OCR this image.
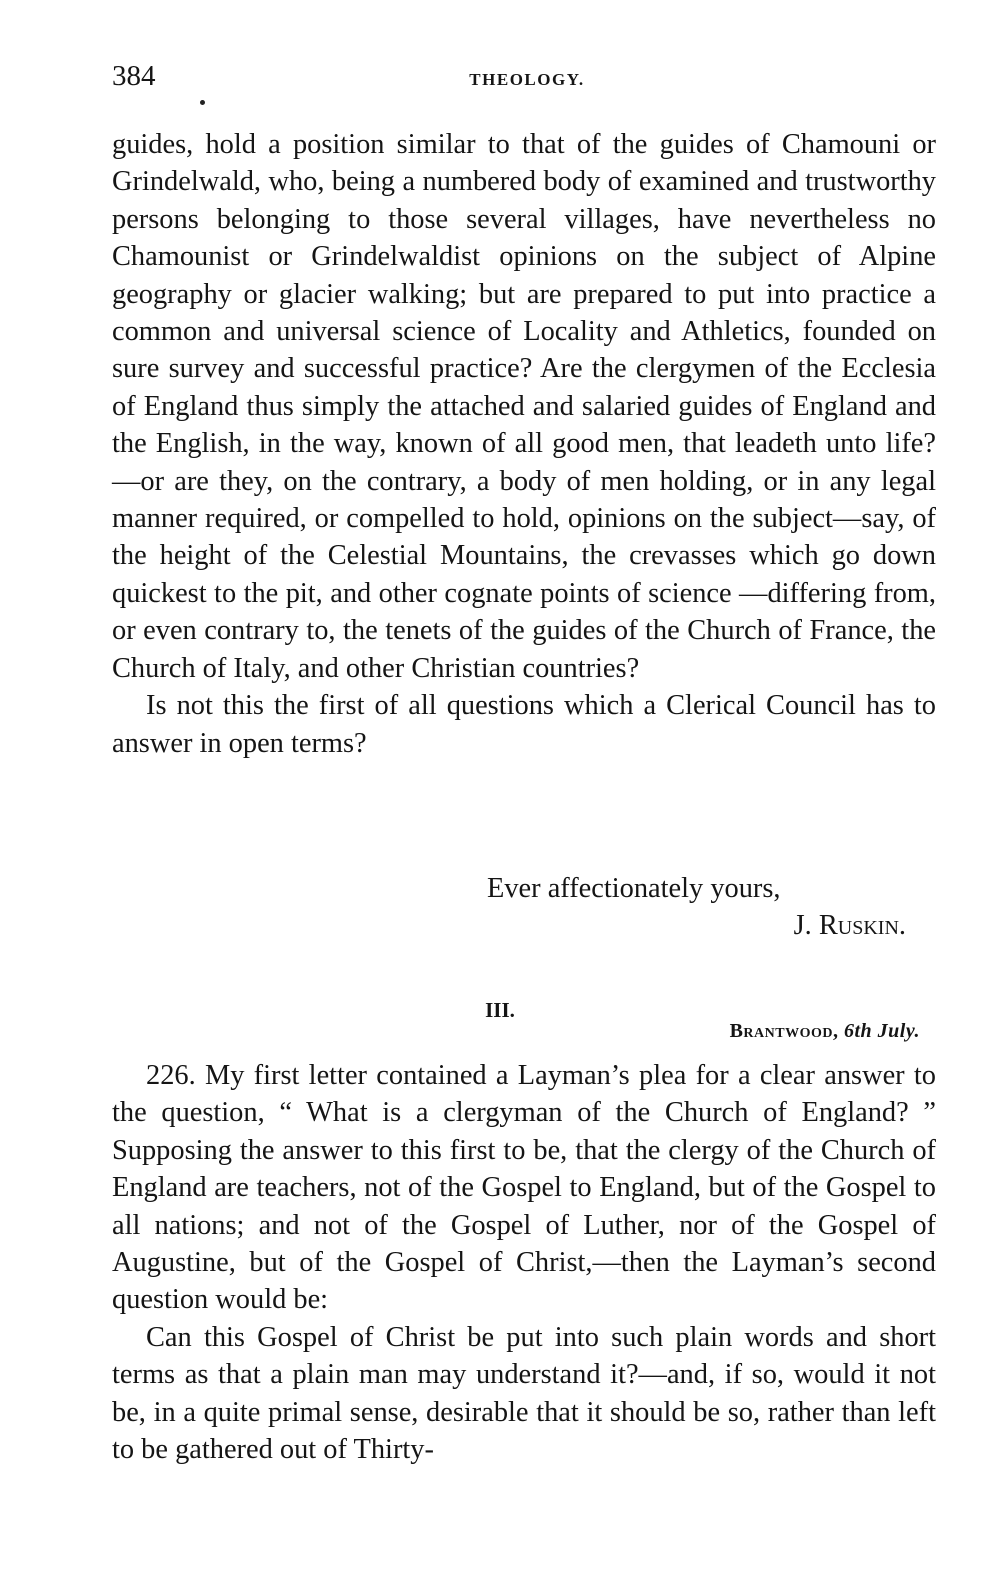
384	THEOLOGY.

guides, hold a position similar to that of the guides of Chamouni or Grindelwald, who, being a numbered body of examined and trustworthy persons belonging to those several villages, have nevertheless no Chamounist or Grindelwaldist opinions on the subject of Alpine geography or glacier walking; but are prepared to put into practice a common and universal science of Locality and Athletics, founded on sure survey and successful practice? Are the clergymen of the Ecclesia of England thus simply the attached and salaried guides of England and the English, in the way, known of all good men, that leadeth unto life?—or are they, on the contrary, a body of men holding, or in any legal manner required, or compelled to hold, opinions on the subject—say, of the height of the Celestial Mountains, the crevasses which go down quickest to the pit, and other cognate points of science —differing from, or even contrary to, the tenets of the guides of the Church of France, the Church of Italy, and other Christian countries?

Is not this the first of all questions which a Clerical Council has to answer in open terms?

Ever affectionately yours,
J. Ruskin.
III.
Brantwood, 6th July.

226. My first letter contained a Layman’s plea for a clear answer to the question, “ What is a clergyman of the Church of England? ” Supposing the answer to this first to be, that the clergy of the Church of England are teachers, not of the Gospel to England, but of the Gospel to all nations; and not of the Gospel of Luther, nor of the Gospel of Augustine, but of the Gospel of Christ,—then the Layman’s second question would be:

Can this Gospel of Christ be put into such plain words and short terms as that a plain man may understand it?—and, if so, would it not be, in a quite primal sense, desirable that it should be so, rather than left to be gathered out of Thirty-
